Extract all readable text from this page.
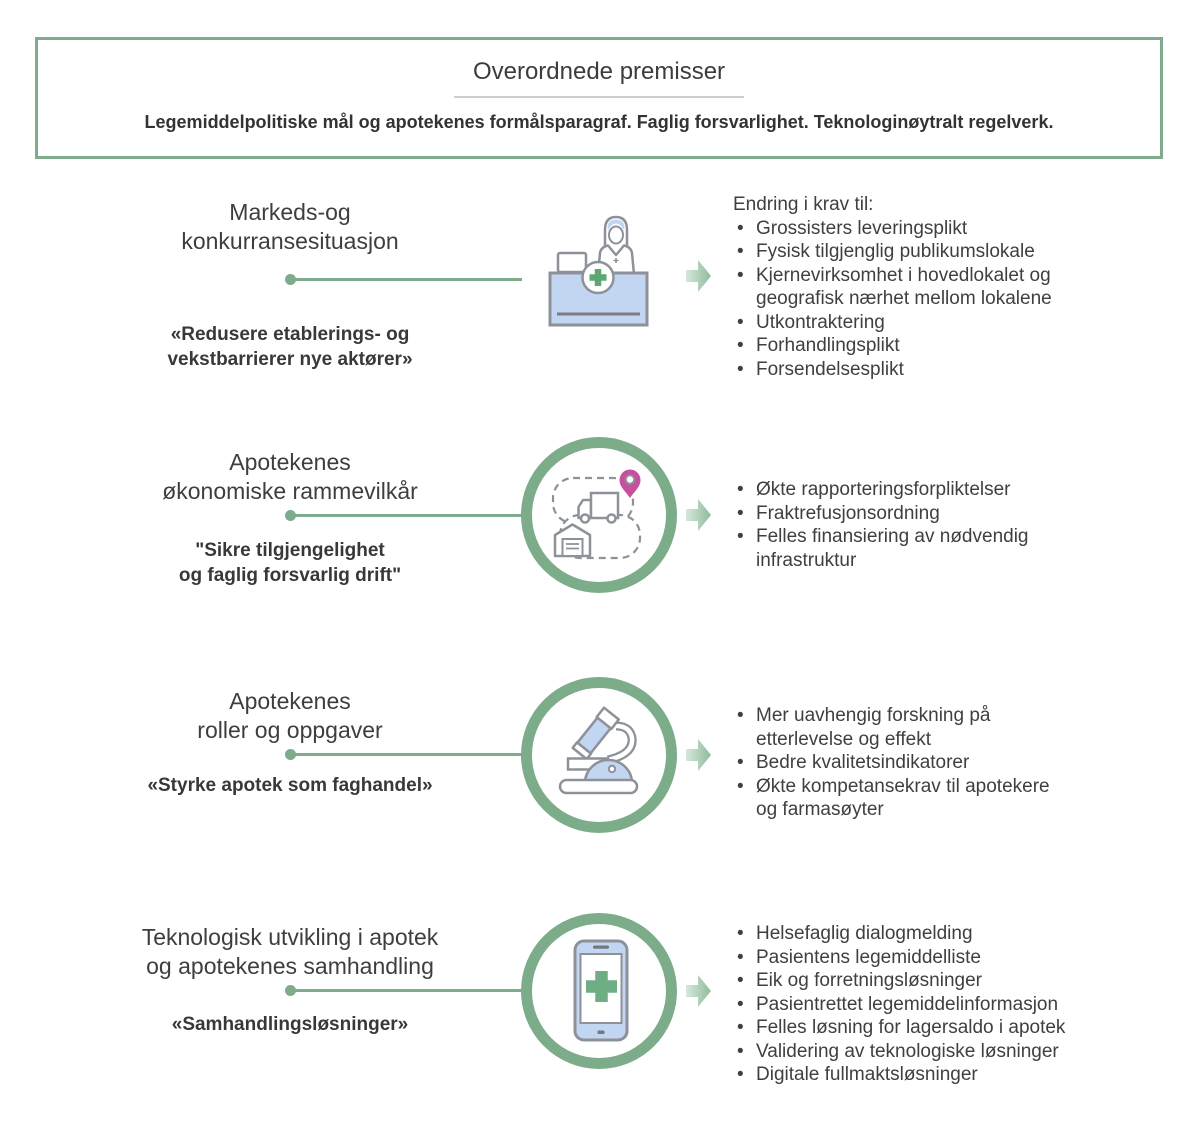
Overordnede premisser
Legemiddelpolitiske mål og apotekenes formålsparagraf. Faglig forsvarlighet. Teknologinøytralt regelverk.
Markeds-og
konkurransesituasjon
«Redusere etablerings- og
vekstbarrierer nye aktører»
Endring i krav til:
• Grossisters leveringsplikt
• Fysisk tilgjenglig publikumslokale
• Kjernevirksomhet i hovedlokalet og geografisk nærhet mellom lokalene
• Utkontraktering
• Forhandlingsplikt
• Forsendelsesplikt
Apotekenes
økonomiske rammevilkår
"Sikre tilgjengelighet
og faglig forsvarlig drift"
• Økte rapporteringsforpliktelser
• Fraktrefusjonsordning
• Felles finansiering av nødvendig infrastruktur
Apotekenes
roller og oppgaver
«Styrke apotek som faghandel»
• Mer uavhengig forskning på etterlevelse og effekt
• Bedre kvalitetsindikatorer
• Økte kompetansekrav til apotekere og farmasøyter
Teknologisk utvikling i apotek
og apotekenes samhandling
«Samhandlingsløsninger»
• Helsefaglig dialogmelding
• Pasientens legemiddelliste
• Eik og forretningsløsninger
• Pasientrettet legemiddelinformasjon
• Felles løsning for lagersaldo i apotek
• Validering av teknologiske løsninger
• Digitale fullmaktsløsninger
